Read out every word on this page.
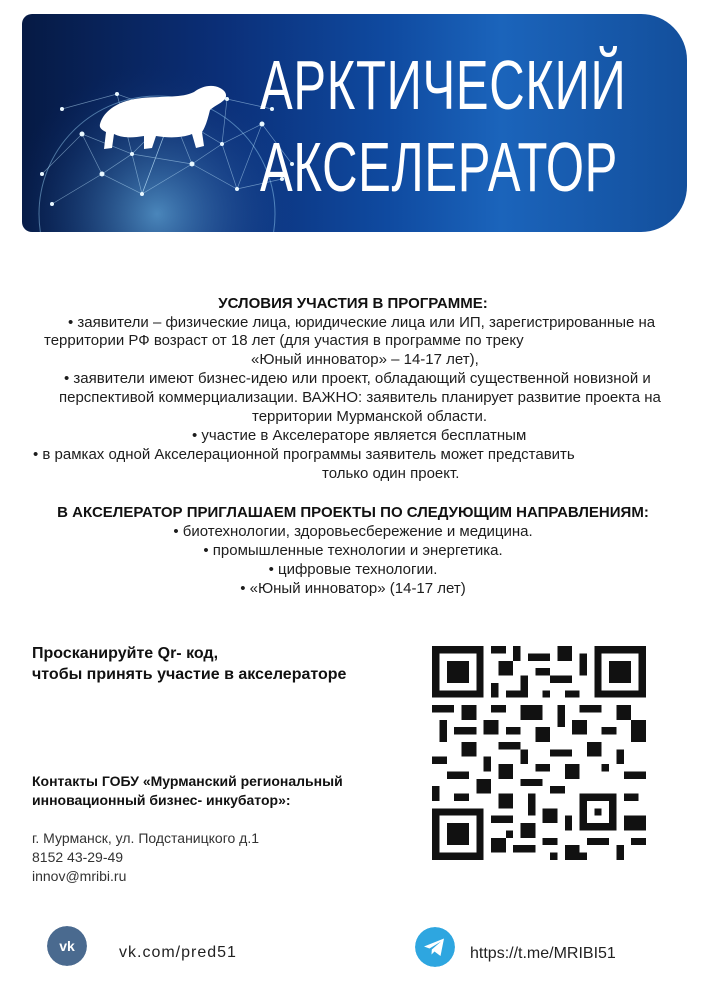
АРКТИЧЕСКИЙ
АКСЕЛЕРАТОР
УСЛОВИЯ УЧАСТИЯ В ПРОГРАММЕ:
• заявители – физические лица, юридические лица или ИП, зарегистрированные на
территории РФ возраст от 18 лет (для участия в программе по треку
«Юный инноватор» – 14-17 лет),
• заявители имеют бизнес-идею или проект, обладающий существенной новизной и
перспективой коммерциализации. ВАЖНО: заявитель планирует развитие проекта на
территории Мурманской области.
• участие в Акселераторе является бесплатным
• в рамках одной Акселерационной программы заявитель может представить
только один проект.
В АКСЕЛЕРАТОР ПРИГЛАШАЕМ ПРОЕКТЫ ПО СЛЕДУЮЩИМ НАПРАВЛЕНИЯМ:
• биотехнологии, здоровьесбережение и медицина.
• промышленные технологии и энергетика.
• цифровые технологии.
• «Юный инноватор» (14-17 лет)
Просканируйте Qr- код,
чтобы принять участие в акселераторе
Контакты ГОБУ «Мурманский региональный
инновационный бизнес- инкубатор»:
г. Мурманск, ул. Подстаницкого д.1
8152 43-29-49
innov@mribi.ru
vk	vk.com/pred51	https://t.me/MRIBI51
